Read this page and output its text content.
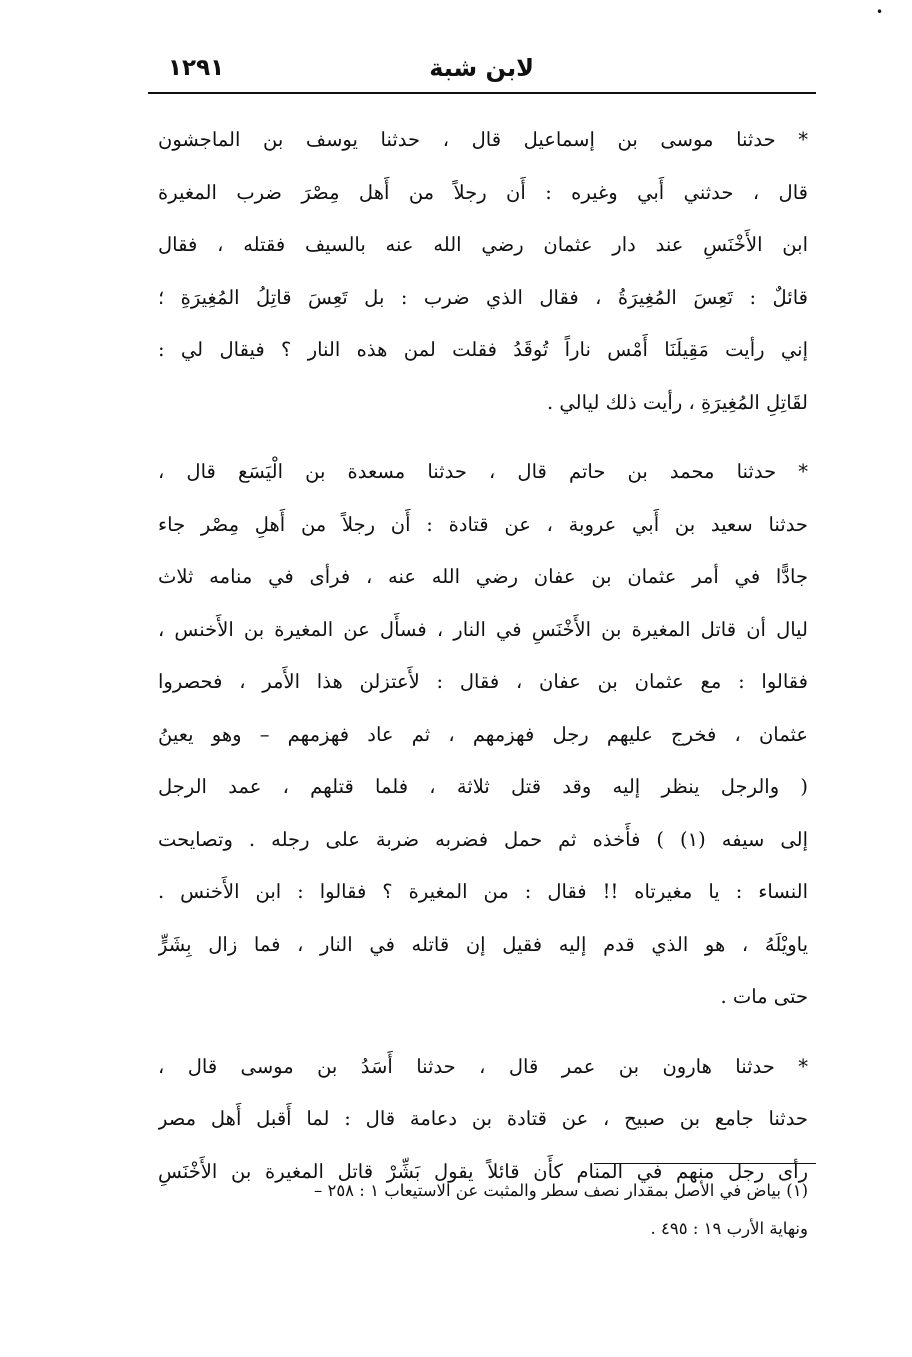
•
لابن شبة
١٢٩١
* حدثنا موسى بن إسماعيل قال ، حدثنا يوسف بن الماجشون
قال ، حدثني أَبي وغيره : أَن رجلاً من أَهل مِصْرَ ضرب المغيرة
ابن الأَخْنَسِ عند دار عثمان رضي الله عنه بالسيف فقتله ، فقال
قائلٌ : تَعِسَ المُغِيرَةُ ، فقال الذي ضرب : بل تَعِسَ قاتِلُ المُغِيرَةِ ؛
إني رأيت مَقِيلَنَا أَمْس ناراً تُوقَدُ فقلت لمن هذه النار ؟ فيقال لي :
لقَاتِلِ المُغِيرَةِ ، رأيت ذلك ليالي .
* حدثنا محمد بن حاتم قال ، حدثنا مسعدة بن الْيَسَع قال ،
حدثنا سعيد بن أَبي عروبة ، عن قتادة : أَن رجلاً من أَهلِ مِصْر جاء
جادًّا في أمر عثمان بن عفان رضي الله عنه ، فرأى في منامه ثلاث
ليال أن قاتل المغيرة بن الأَخْنَسِ في النار ، فسأَل عن المغيرة بن الأَخنس ،
فقالوا : مع عثمان بن عفان ، فقال : لأَعتزلن هذا الأَمر ، فحصروا
عثمان ، فخرج عليهم رجل فهزمهم ، ثم عاد فهزمهم – وهو يعينُ
( والرجل ينظر إليه وقد قتل ثلاثة ، فلما قتلهم ، عمد الرجل
إلى سيفه (١) ) فأَخذه ثم حمل فضربه ضربة على رجله . وتصايحت
النساء : يا مغيرتاه !! فقال : من المغيرة ؟ فقالوا : ابن الأَخنس .
ياويْلَهُ ، هو الذي قدم إليه فقيل إن قاتله في النار ، فما زال بِشَرٍّ
حتى مات .
* حدثنا هارون بن عمر قال ، حدثنا أَسَدُ بن موسى قال ،
حدثنا جامع بن صبيح ، عن قتادة بن دعامة قال : لما أَقبل أَهل مصر
رأى رجل منهم في المنام كأَن قائلاً يقول بَشِّرْ قاتل المغيرة بن الأَخْنَسِ
(١) بياض في الأصل بمقدار نصف سطر والمثبت عن الاستيعاب ١ : ٢٥٨ –
ونهاية الأرب ١٩ : ٤٩٥ .
